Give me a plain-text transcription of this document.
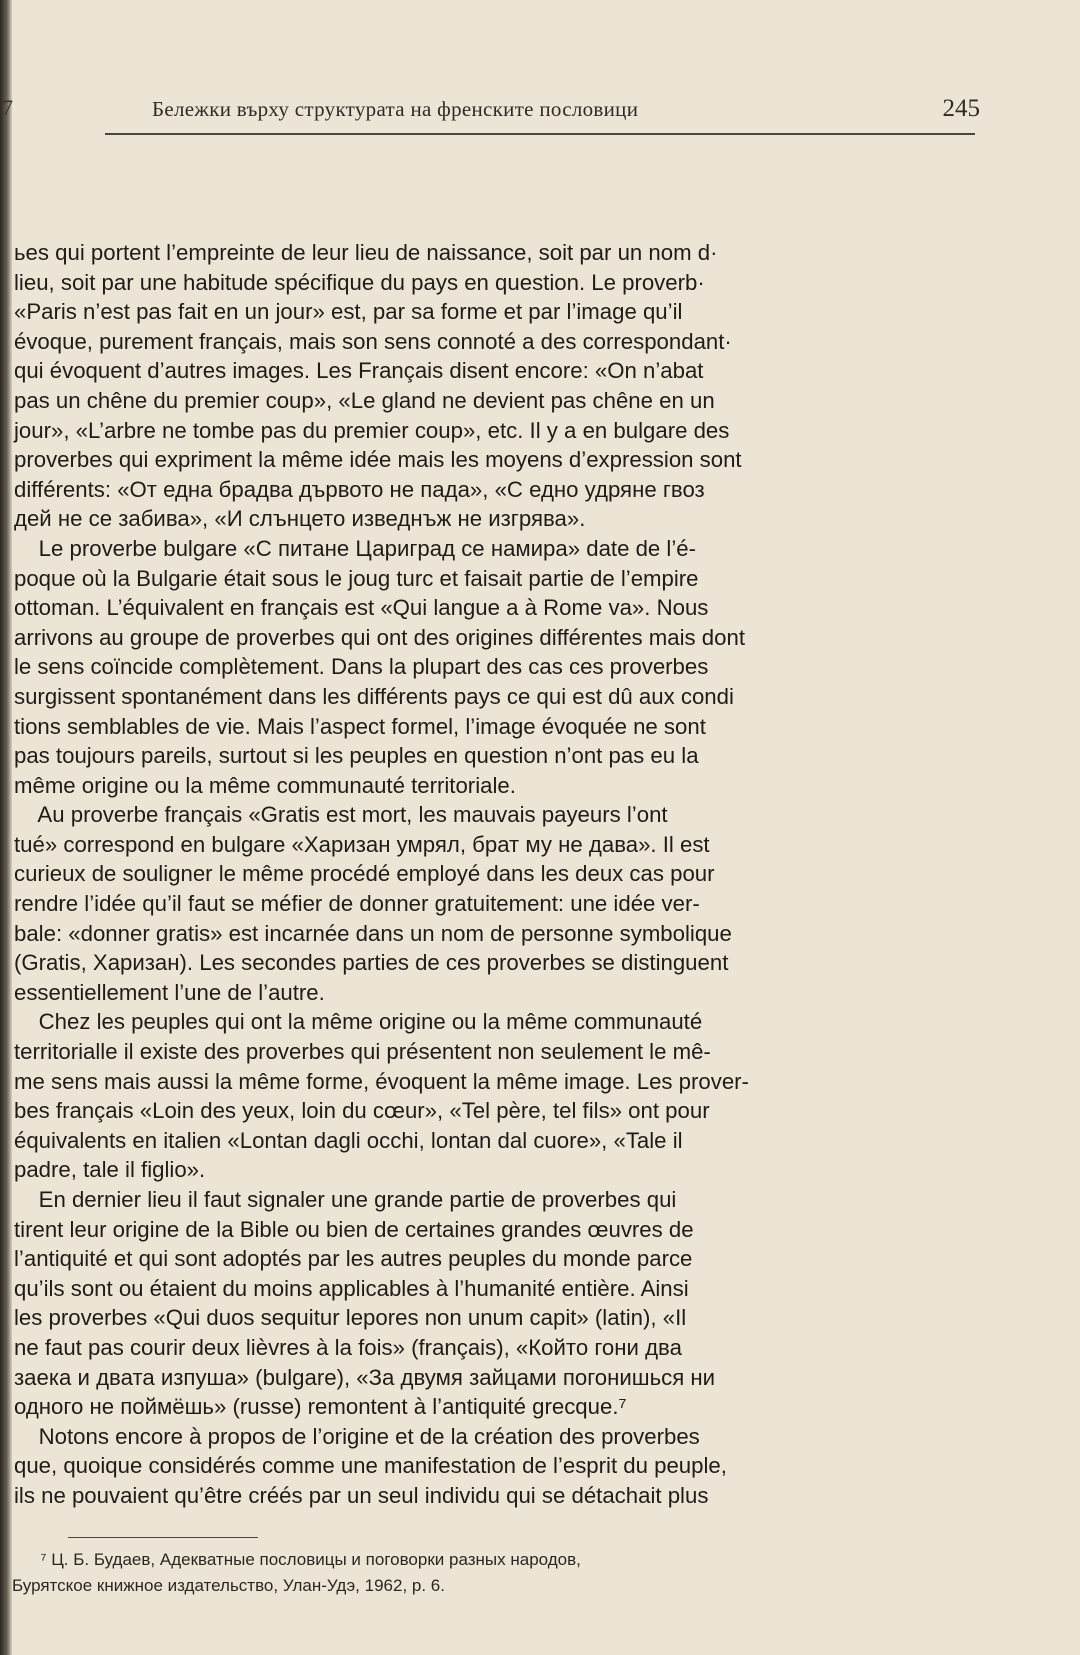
7	Бележки върху структурата на френските пословици	245
ьes qui portent l’empreinte de leur lieu de naissance, soit par un nom d·
lieu, soit par une habitude spécifique du pays en question. Le proverb·
«Paris n’est pas fait en un jour» est, par sa forme et par l’image qu’il
évoque, purement français, mais son sens connoté a des correspondant·
qui évoquent d’autres images. Les Français disent encore: «On n’abat
pas un chêne du premier coup», «Le gland ne devient pas chêne en un
jour», «L’arbre ne tombe pas du premier coup», etc. Il y a en bulgare des
proverbes qui expriment la même idée mais les moyens d’expression sont
différents: «От една брадва дървото не пада», «С едно удряне гвоз
дей не се забива», «И слънцето изведнъж не изгрява».
Le proverbe bulgare «С питане Цариград се намира» date de l’é-
poque où la Bulgarie était sous le joug turc et faisait partie de l’empire
ottoman. L’équivalent en français est «Qui langue a à Rome va». Nous
arrivons au groupe de proverbes qui ont des origines différentes mais dont
le sens coïncide complètement. Dans la plupart des cas ces proverbes
surgissent spontanément dans les différents pays ce qui est dû aux condi
tions semblables de vie. Mais l’aspect formel, l’image évoquée ne sont
pas toujours pareils, surtout si les peuples en question n’ont pas eu la
même origine ou la même communauté territoriale.
Au proverbe français «Gratis est mort, les mauvais payeurs l’ont
tué» correspond en bulgare «Харизан умрял, брат му не дава». Il est
curieux de souligner le même procédé employé dans les deux cas pour
rendre l’idée qu’il faut se méfier de donner gratuitement: une idée ver-
bale: «donner gratis» est incarnée dans un nom de personne symbolique
(Gratis, Харизан). Les secondes parties de ces proverbes se distinguent
essentiellement l’une de l’autre.
Chez les peuples qui ont la même origine ou la même communauté
territorialle il existe des proverbes qui présentent non seulement le mê-
me sens mais aussi la même forme, évoquent la même image. Les prover-
bes français «Loin des yeux, loin du cœur», «Tel père, tel fils» ont pour
équivalents en italien «Lontan dagli occhi, lontan dal cuore», «Tale il
padre, tale il figlio».
En dernier lieu il faut signaler une grande partie de proverbes qui
tirent leur origine de la Bible ou bien de certaines grandes œuvres de
l’antiquité et qui sont adoptés par les autres peuples du monde parce
qu’ils sont ou étaient du moins applicables à l’humanité entière. Ainsi
les proverbes «Qui duos sequitur lepores non unum capit» (latin), «Il
ne faut pas courir deux lièvres à la fois» (français), «Който гони два
заека и двата изпуша» (bulgare), «За двумя зайцами погонишься ни
одного не поймёшь» (russe) remontent à l’antiquité grecque.⁷
Notons encore à propos de l’origine et de la création des proverbes
que, quoique considérés comme une manifestation de l’esprit du peuple,
ils ne pouvaient qu’être créés par un seul individu qui se détachait plus
⁷ Ц. Б. Будаев, Адекватные пословицы и поговорки разных народов,
Бурятское книжное издательство, Улан-Удэ, 1962, р. 6.
